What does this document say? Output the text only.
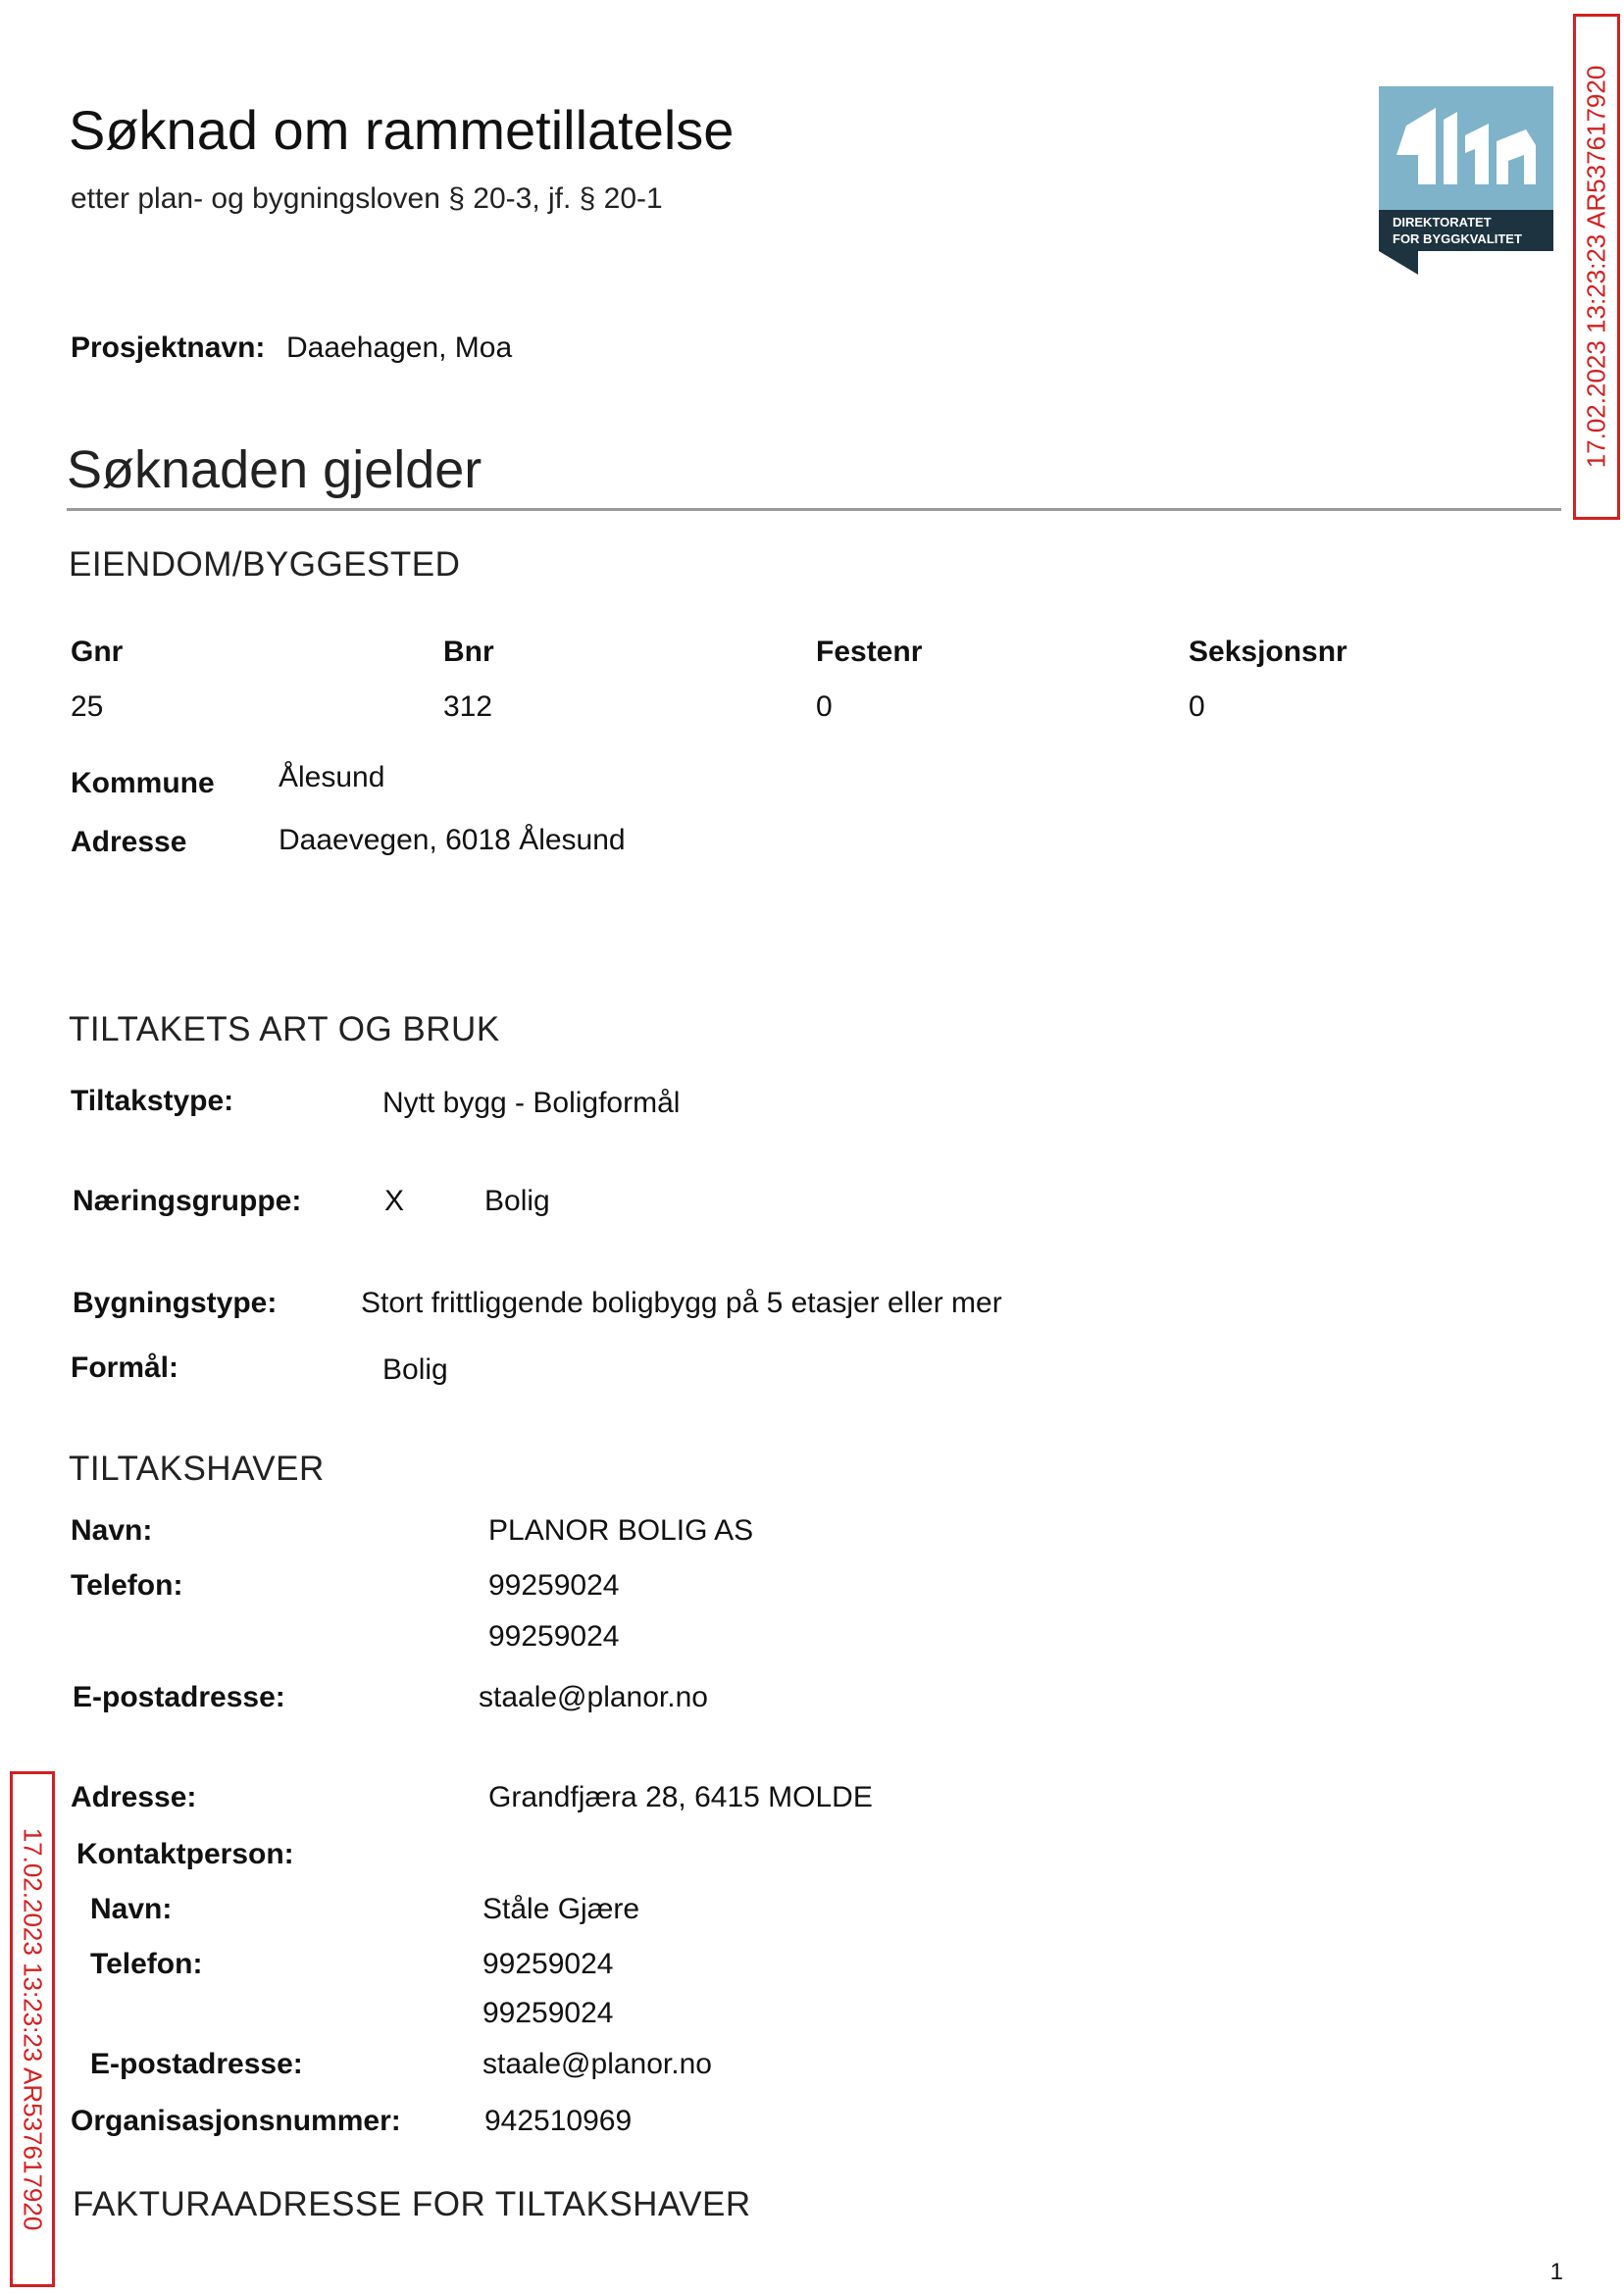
Søknad om rammetillatelse
etter plan- og bygningsloven § 20-3, jf. § 20-1
DIREKTORATET
FOR BYGGKVALITET 17.02.2023 13:23:23 AR537617920
17.02.2023 13:23:23 AR537617920
Prosjektnavn: Daaehagen, Moa
Søknaden gjelder
EIENDOM/BYGGESTED
Gnr	Bnr	Festenr	Seksjonsnr
25	312	0	0
Kommune Ålesund
Adresse	Daaevegen, 6018 Ålesund
TILTAKETS ART OG BRUK
Tiltakstype:	Nytt bygg - Boligformål
Næringsgruppe:	X	Bolig
Bygningstype:	Stort frittliggende boligbygg på 5 etasjer eller mer
Formål:	Bolig
TILTAKSHAVER
Navn:	PLANOR BOLIG AS
Telefon:	99259024
99259024
E-postadresse:	staale@planor.no
Adresse:	Grandfjæra 28, 6415 MOLDE
Kontaktperson:
Navn:	Ståle Gjære
Telefon:	99259024
99259024
E-postadresse:	staale@planor.no
Organisasjonsnummer:	942510969
FAKTURAADRESSE FOR TILTAKSHAVER
1
